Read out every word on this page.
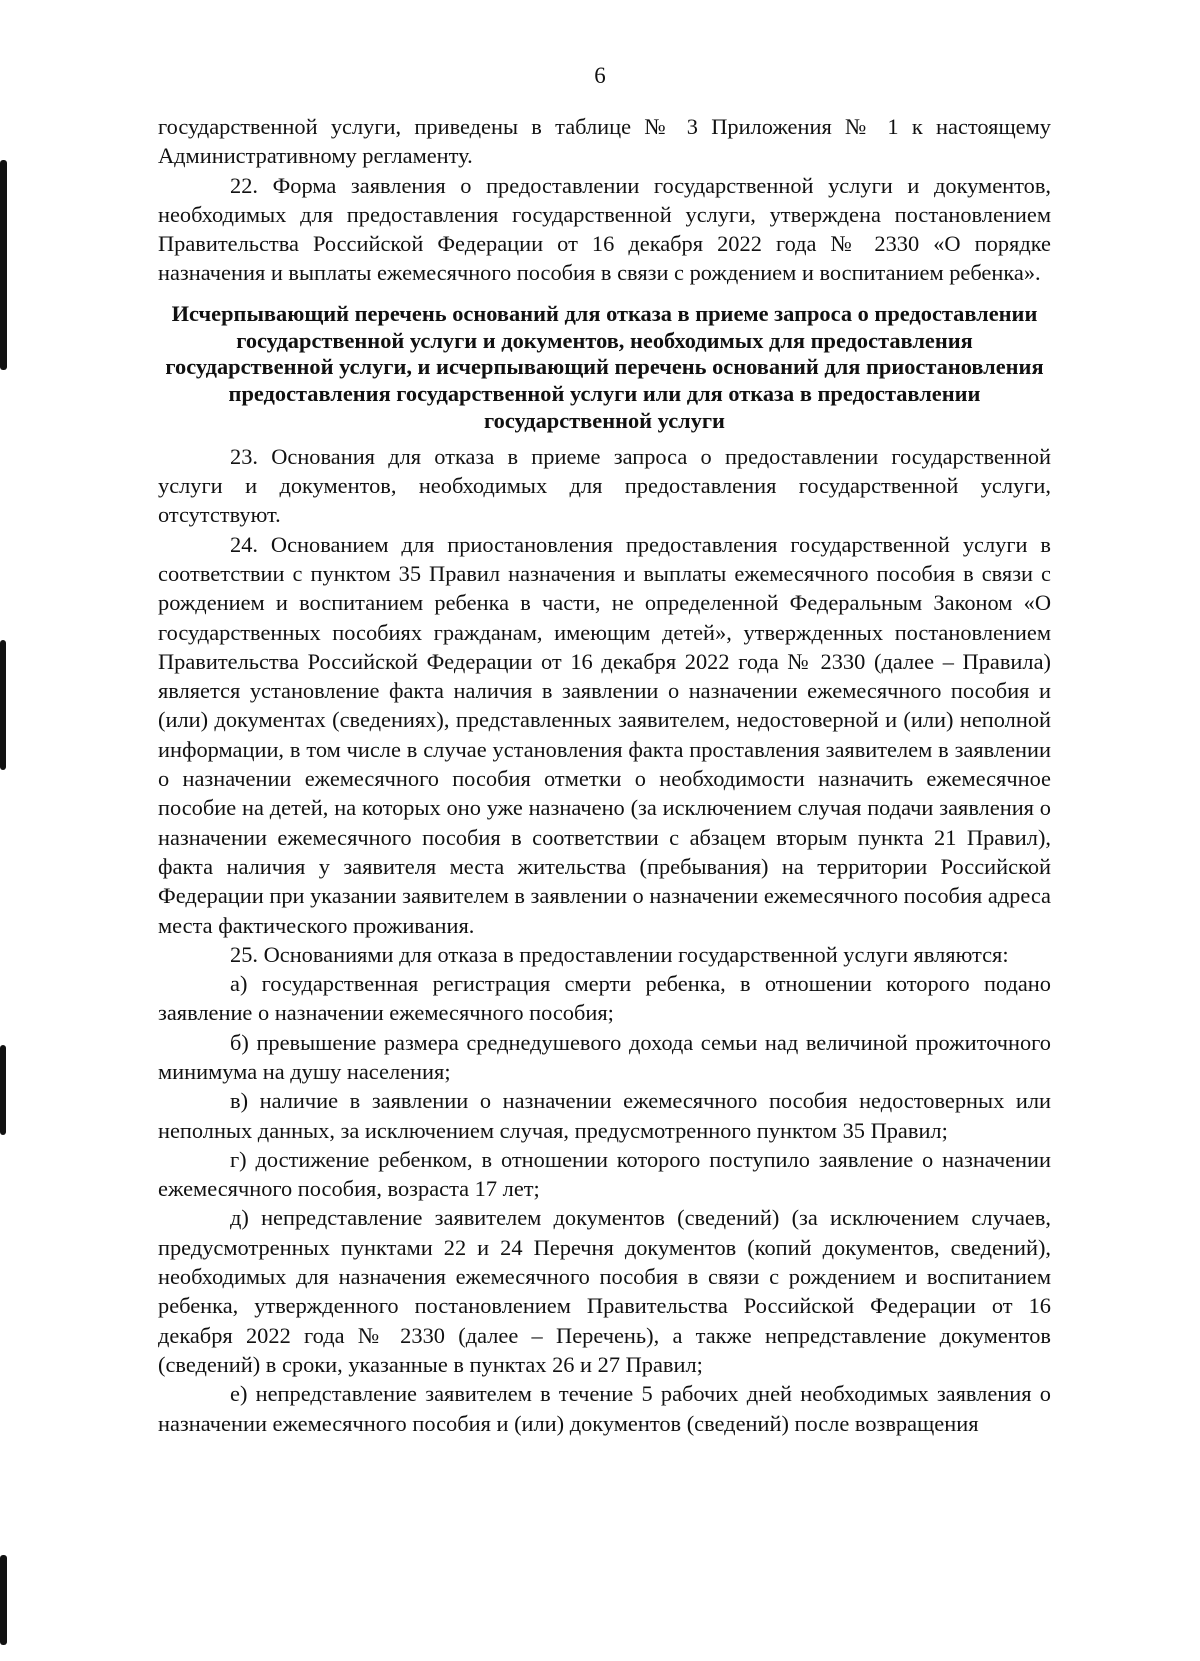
6

государственной услуги, приведены в таблице № 3 Приложения № 1 к настоящему Административному регламенту.

22. Форма заявления о предоставлении государственной услуги и документов, необходимых для предоставления государственной услуги, утверждена постановлением Правительства Российской Федерации от 16 декабря 2022 года № 2330 «О порядке назначения и выплаты ежемесячного пособия в связи с рождением и воспитанием ребенка».

Исчерпывающий перечень оснований для отказа в приеме запроса о предоставлении государственной услуги и документов, необходимых для предоставления государственной услуги, и исчерпывающий перечень оснований для приостановления предоставления государственной услуги или для отказа в предоставлении государственной услуги

23. Основания для отказа в приеме запроса о предоставлении государственной услуги и документов, необходимых для предоставления государственной услуги, отсутствуют.

24. Основанием для приостановления предоставления государственной услуги в соответствии с пунктом 35 Правил назначения и выплаты ежемесячного пособия в связи с рождением и воспитанием ребенка в части, не определенной Федеральным Законом «О государственных пособиях гражданам, имеющим детей», утвержденных постановлением Правительства Российской Федерации от 16 декабря 2022 года № 2330 (далее – Правила) является установление факта наличия в заявлении о назначении ежемесячного пособия и (или) документах (сведениях), представленных заявителем, недостоверной и (или) неполной информации, в том числе в случае установления факта проставления заявителем в заявлении о назначении ежемесячного пособия отметки о необходимости назначить ежемесячное пособие на детей, на которых оно уже назначено (за исключением случая подачи заявления о назначении ежемесячного пособия в соответствии с абзацем вторым пункта 21 Правил), факта наличия у заявителя места жительства (пребывания) на территории Российской Федерации при указании заявителем в заявлении о назначении ежемесячного пособия адреса места фактического проживания.

25. Основаниями для отказа в предоставлении государственной услуги являются:

а) государственная регистрация смерти ребенка, в отношении которого подано заявление о назначении ежемесячного пособия;

б) превышение размера среднедушевого дохода семьи над величиной прожиточного минимума на душу населения;

в) наличие в заявлении о назначении ежемесячного пособия недостоверных или неполных данных, за исключением случая, предусмотренного пунктом 35 Правил;

г) достижение ребенком, в отношении которого поступило заявление о назначении ежемесячного пособия, возраста 17 лет;

д) непредставление заявителем документов (сведений) (за исключением случаев, предусмотренных пунктами 22 и 24 Перечня документов (копий документов, сведений), необходимых для назначения ежемесячного пособия в связи с рождением и воспитанием ребенка, утвержденного постановлением Правительства Российской Федерации от 16 декабря 2022 года № 2330 (далее – Перечень), а также непредставление документов (сведений) в сроки, указанные в пунктах 26 и 27 Правил;

е) непредставление заявителем в течение 5 рабочих дней необходимых заявления о назначении ежемесячного пособия и (или) документов (сведений) после возвращения
